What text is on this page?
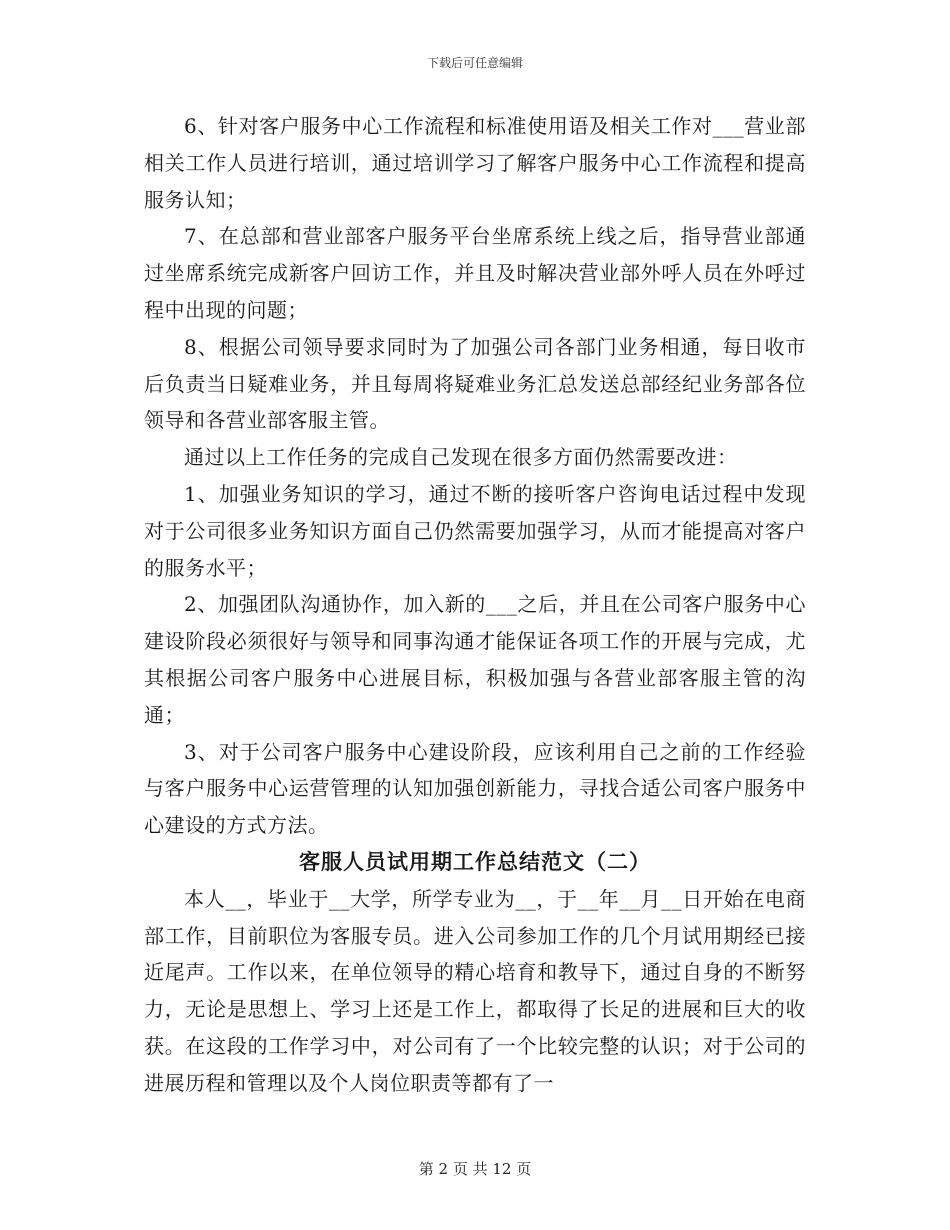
下载后可任意编辑

6、针对客户服务中心工作流程和标准使用语及相关工作对___营业部相关工作人员进行培训，通过培训学习了解客户服务中心工作流程和提高服务认知；

7、在总部和营业部客户服务平台坐席系统上线之后，指导营业部通过坐席系统完成新客户回访工作，并且及时解决营业部外呼人员在外呼过程中出现的问题；

8、根据公司领导要求同时为了加强公司各部门业务相通，每日收市后负责当日疑难业务，并且每周将疑难业务汇总发送总部经纪业务部各位领导和各营业部客服主管。

通过以上工作任务的完成自己发现在很多方面仍然需要改进：

1、加强业务知识的学习，通过不断的接听客户咨询电话过程中发现对于公司很多业务知识方面自己仍然需要加强学习，从而才能提高对客户的服务水平；

2、加强团队沟通协作，加入新的___之后，并且在公司客户服务中心建设阶段必须很好与领导和同事沟通才能保证各项工作的开展与完成，尤其根据公司客户服务中心进展目标，积极加强与各营业部客服主管的沟通；

3、对于公司客户服务中心建设阶段，应该利用自己之前的工作经验与客户服务中心运营管理的认知加强创新能力，寻找合适公司客户服务中心建设的方式方法。

客服人员试用期工作总结范文（二）

本人__，毕业于__大学，所学专业为__，于__年__月__日开始在电商部工作，目前职位为客服专员。进入公司参加工作的几个月试用期经已接近尾声。工作以来，在单位领导的精心培育和教导下，通过自身的不断努力，无论是思想上、学习上还是工作上，都取得了长足的进展和巨大的收获。在这段的工作学习中，对公司有了一个比较完整的认识；对于公司的进展历程和管理以及个人岗位职责等都有了一

第 2 页 共 12 页
